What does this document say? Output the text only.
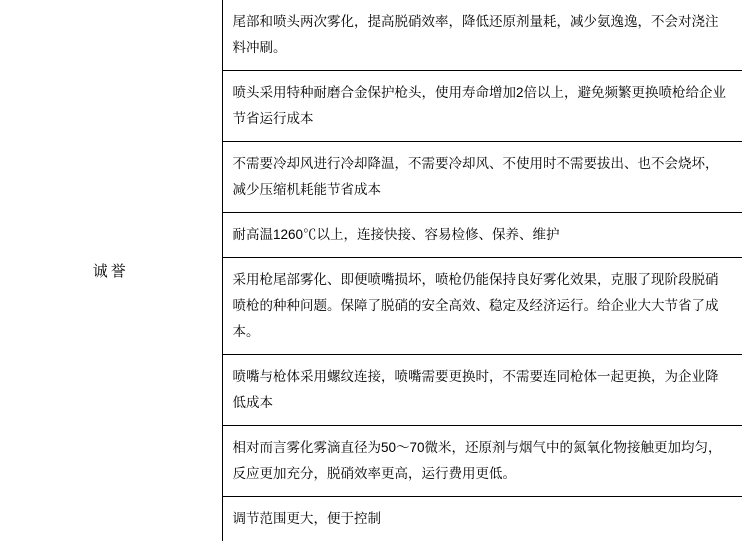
诚誉

尾部和喷头两次雾化，提高脱硝效率，降低还原剂量耗，减少氨逸逸，不会对浇注料冲刷。

喷头采用特种耐磨合金保护枪头，使用寿命增加2倍以上，避免频繁更换喷枪给企业节省运行成本

不需要冷却风进行冷却降温，不需要冷却风、不使用时不需要拔出、也不会烧坏，减少压缩机耗能节省成本

耐高温1260℃以上，连接快接、容易检修、保养、维护

采用枪尾部雾化、即便喷嘴损坏，喷枪仍能保持良好雾化效果，克服了现阶段脱硝喷枪的种种问题。保障了脱硝的安全高效、稳定及经济运行。给企业大大节省了成本。

喷嘴与枪体采用螺纹连接，喷嘴需要更换时，不需要连同枪体一起更换，为企业降低成本

相对而言雾化雾滴直径为50～70微米，还原剂与烟气中的氮氧化物接触更加均匀，反应更加充分，脱硝效率更高，运行费用更低。

调节范围更大，便于控制
